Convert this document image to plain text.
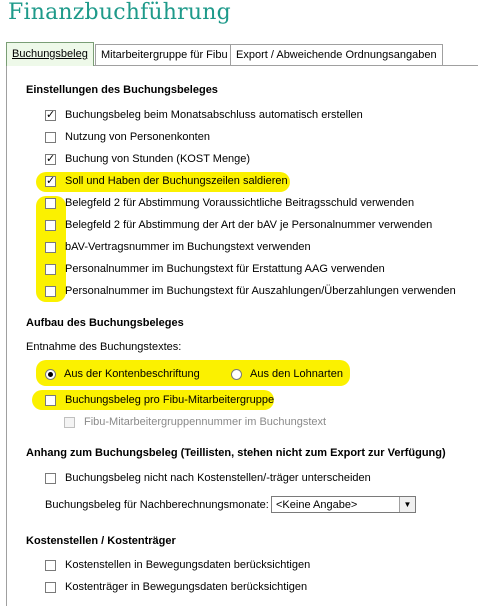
Finanzbuchführung
Buchungsbeleg	Mitarbeitergruppe für Fibu Export / Abweichende Ordnungsangaben
Einstellungen des Buchungsbeleges
✓
Buchungsbeleg beim Monatsabschluss automatisch erstellen
Nutzung von Personenkonten
✓
Buchung von Stunden (KOST Menge)
✓
Soll und Haben der Buchungszeilen saldieren
Belegfeld 2 für Abstimmung Voraussichtliche Beitragsschuld verwenden
Belegfeld 2 für Abstimmung der Art der bAV je Personalnummer verwenden
bAV-Vertragsnummer im Buchungstext verwenden
Personalnummer im Buchungstext für Erstattung AAG verwenden
Personalnummer im Buchungstext für Auszahlungen/Überzahlungen verwenden
Aufbau des Buchungsbeleges
Entnahme des Buchungstextes:
Aus der Kontenbeschriftung	Aus den Lohnarten
Buchungsbeleg pro Fibu-Mitarbeitergruppe
Fibu-Mitarbeitergruppennummer im Buchungstext
Anhang zum Buchungsbeleg (Teillisten, stehen nicht zum Export zur Verfügung)
Buchungsbeleg nicht nach Kostenstellen/-träger unterscheiden
Buchungsbeleg für Nachberechnungsmonate: <Keine Angabe>	▼
Kostenstellen / Kostenträger
Kostenstellen in Bewegungsdaten berücksichtigen
Kostenträger in Bewegungsdaten berücksichtigen
